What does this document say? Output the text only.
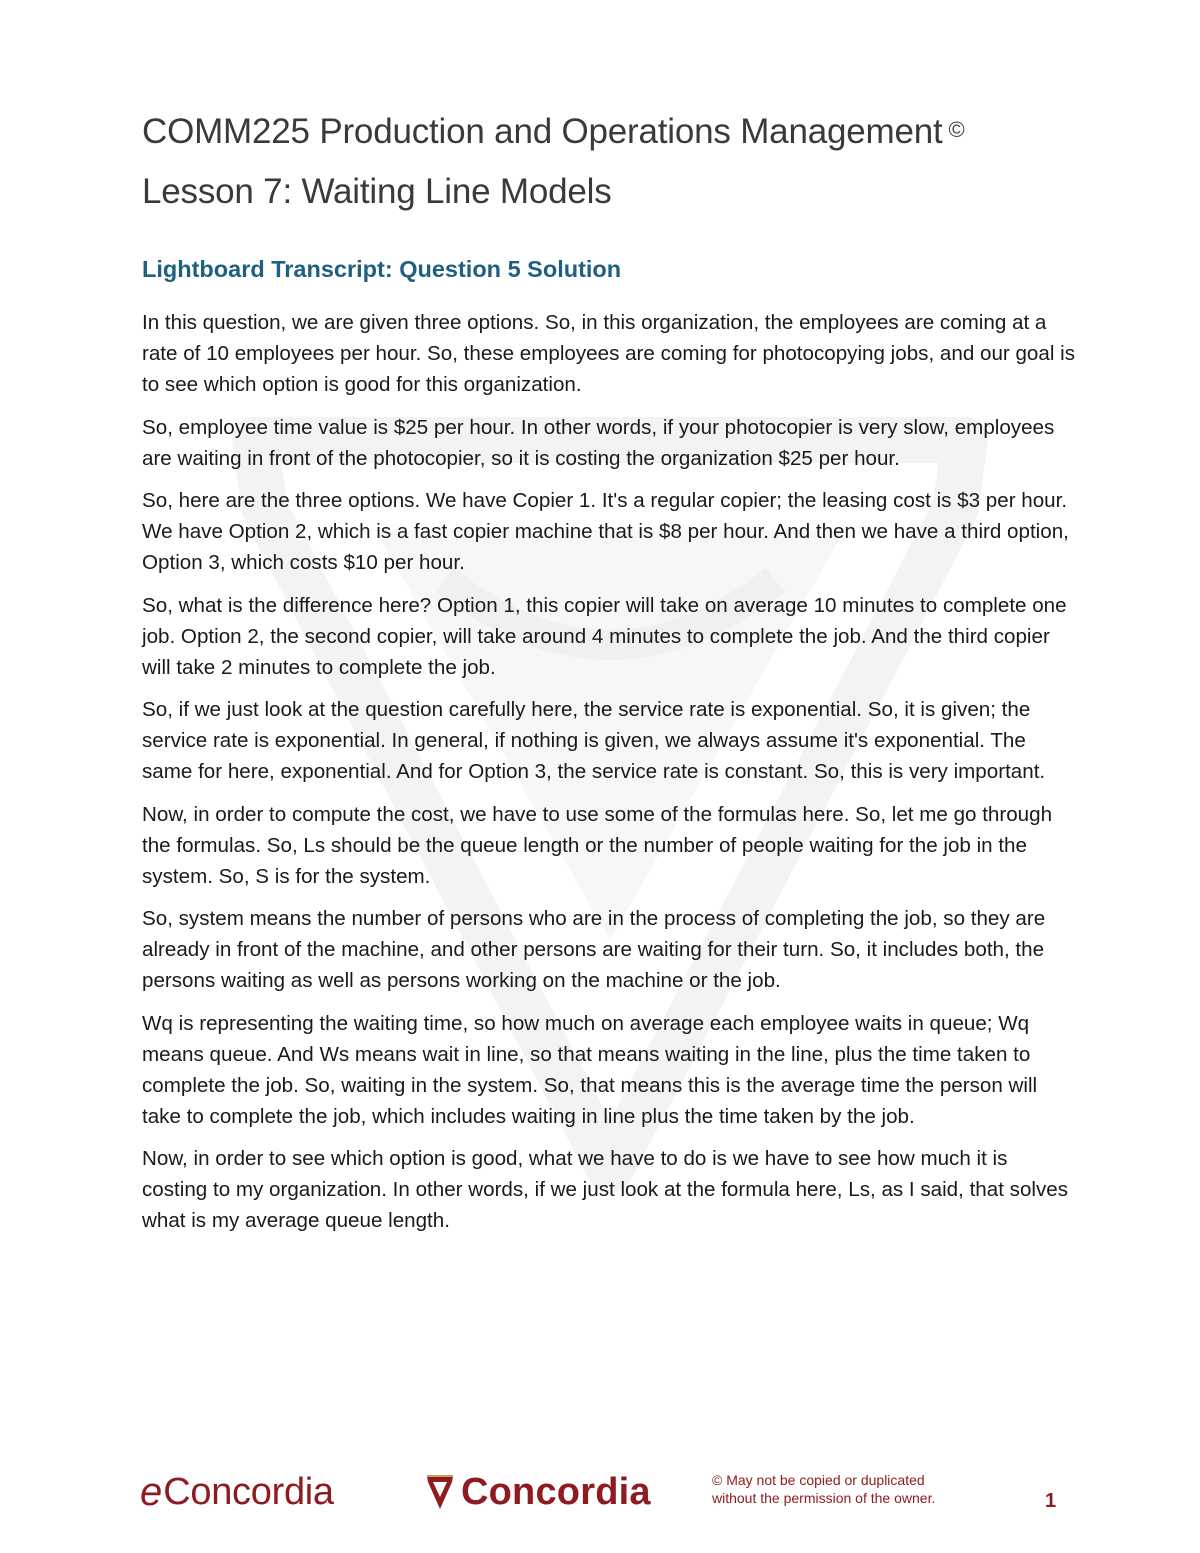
COMM225 Production and Operations Management ©
Lesson 7: Waiting Line Models
Lightboard Transcript: Question 5 Solution

In this question, we are given three options. So, in this organization, the employees are coming at a rate of 10 employees per hour. So, these employees are coming for photocopying jobs, and our goal is to see which option is good for this organization.

So, employee time value is $25 per hour. In other words, if your photocopier is very slow, employees are waiting in front of the photocopier, so it is costing the organization $25 per hour.

So, here are the three options. We have Copier 1. It's a regular copier; the leasing cost is $3 per hour. We have Option 2, which is a fast copier machine that is $8 per hour. And then we have a third option, Option 3, which costs $10 per hour.

So, what is the difference here? Option 1, this copier will take on average 10 minutes to complete one job. Option 2, the second copier, will take around 4 minutes to complete the job. And the third copier will take 2 minutes to complete the job.

So, if we just look at the question carefully here, the service rate is exponential. So, it is given; the service rate is exponential. In general, if nothing is given, we always assume it's exponential. The same for here, exponential. And for Option 3, the service rate is constant. So, this is very important.

Now, in order to compute the cost, we have to use some of the formulas here. So, let me go through the formulas. So, Ls should be the queue length or the number of people waiting for the job in the system. So, S is for the system.

So, system means the number of persons who are in the process of completing the job, so they are already in front of the machine, and other persons are waiting for their turn. So, it includes both, the persons waiting as well as persons working on the machine or the job.

Wq is representing the waiting time, so how much on average each employee waits in queue; Wq means queue. And Ws means wait in line, so that means waiting in the line, plus the time taken to complete the job. So, waiting in the system. So, that means this is the average time the person will take to complete the job, which includes waiting in line plus the time taken by the job.

Now, in order to see which option is good, what we have to do is we have to see how much it is costing to my organization. In other words, if we just look at the formula here, Ls, as I said, that solves what is my average queue length.

e Concordia	Concordia	© May not be copied or duplicated
without the permission of the owner.	1
